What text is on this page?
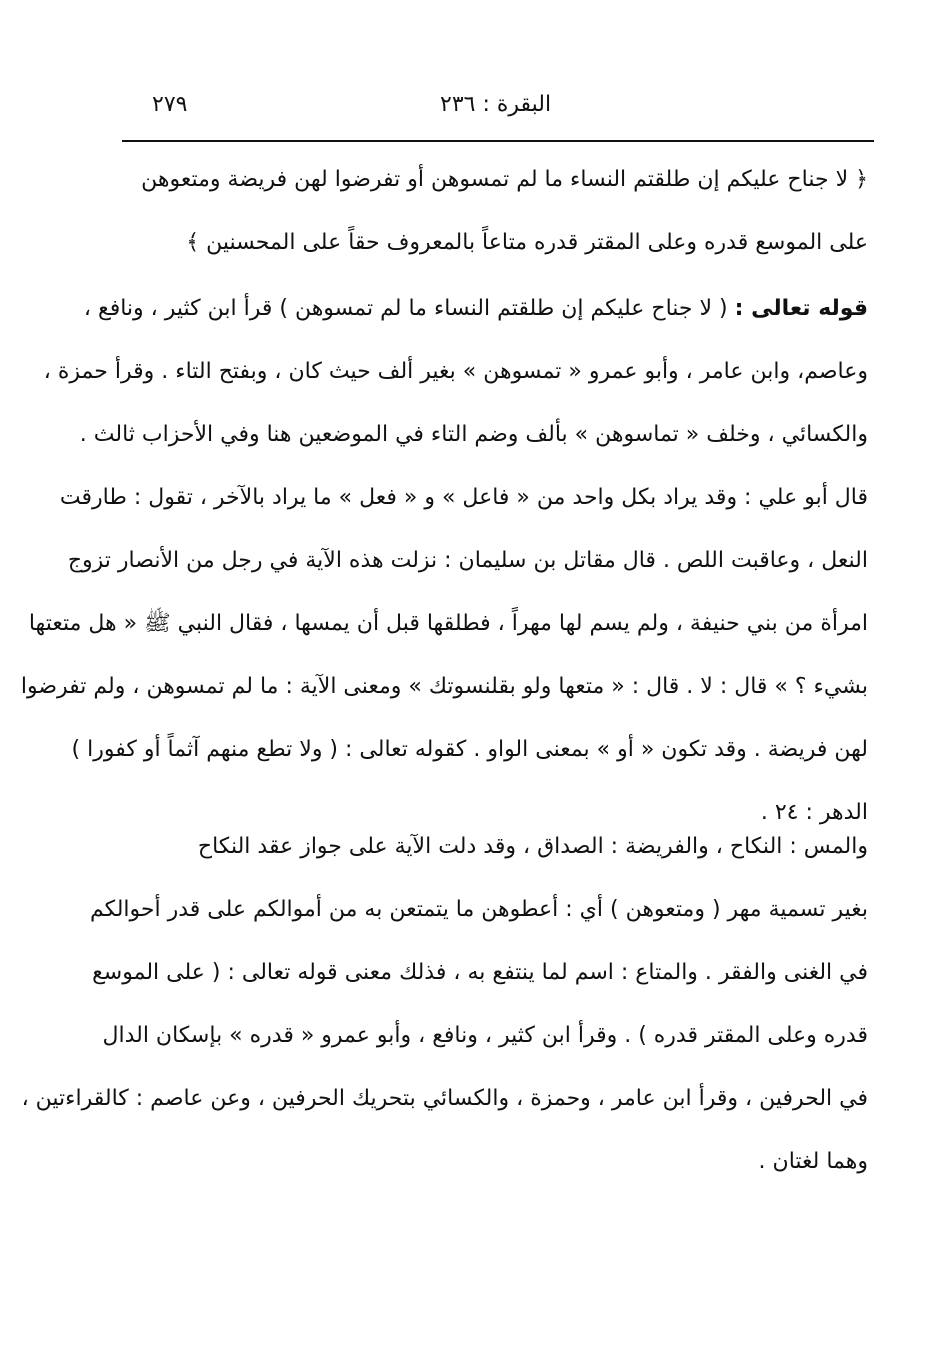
٢٧٩	البقرة : ٢٣٦
﴿ لا جناح عليكم إن طلقتم النساء ما لم تمسوهن أو تفرضوا لهن فريضة ومتعوهن
على الموسع قدره وعلى المقتر قدره متاعاً بالمعروف حقاً على المحسنين ﴾
قوله تعالى : ( لا جناح عليكم إن طلقتم النساء ما لم تمسوهن ) قرأ ابن كثير ، ونافع ،
وعاصم، وابن عامر ، وأبو عمرو « تمسوهن » بغير ألف حيث كان ، وبفتح التاء . وقرأ حمزة ،
والكسائي ، وخلف « تماسوهن » بألف وضم التاء في الموضعين هنا وفي الأحزاب ثالث .
قال أبو علي : وقد يراد بكل واحد من « فاعل » و « فعل » ما يراد بالآخر ، تقول : طارقت
النعل ، وعاقبت اللص . قال مقاتل بن سليمان : نزلت هذه الآية في رجل من الأنصار تزوج
امرأة من بني حنيفة ، ولم يسم لها مهراً ، فطلقها قبل أن يمسها ، فقال النبي ﷺ « هل متعتها
بشيء ؟ » قال : لا . قال : « متعها ولو بقلنسوتك » ومعنى الآية : ما لم تمسوهن ، ولم تفرضوا
لهن فريضة . وقد تكون « أو » بمعنى الواو . كقوله تعالى : ( ولا تطع منهم آثماً أو كفورا )
الدهر : ٢٤ .
والمس : النكاح ، والفريضة : الصداق ، وقد دلت الآية على جواز عقد النكاح
بغير تسمية مهر ( ومتعوهن ) أي : أعطوهن ما يتمتعن به من أموالكم على قدر أحوالكم
في الغنى والفقر . والمتاع : اسم لما ينتفع به ، فذلك معنى قوله تعالى : ( على الموسع
قدره وعلى المقتر قدره ) . وقرأ ابن كثير ، ونافع ، وأبو عمرو « قدره » بإسكان الدال
في الحرفين ، وقرأ ابن عامر ، وحمزة ، والكسائي بتحريك الحرفين ، وعن عاصم : كالقراءتين ،
وهما لغتان .
